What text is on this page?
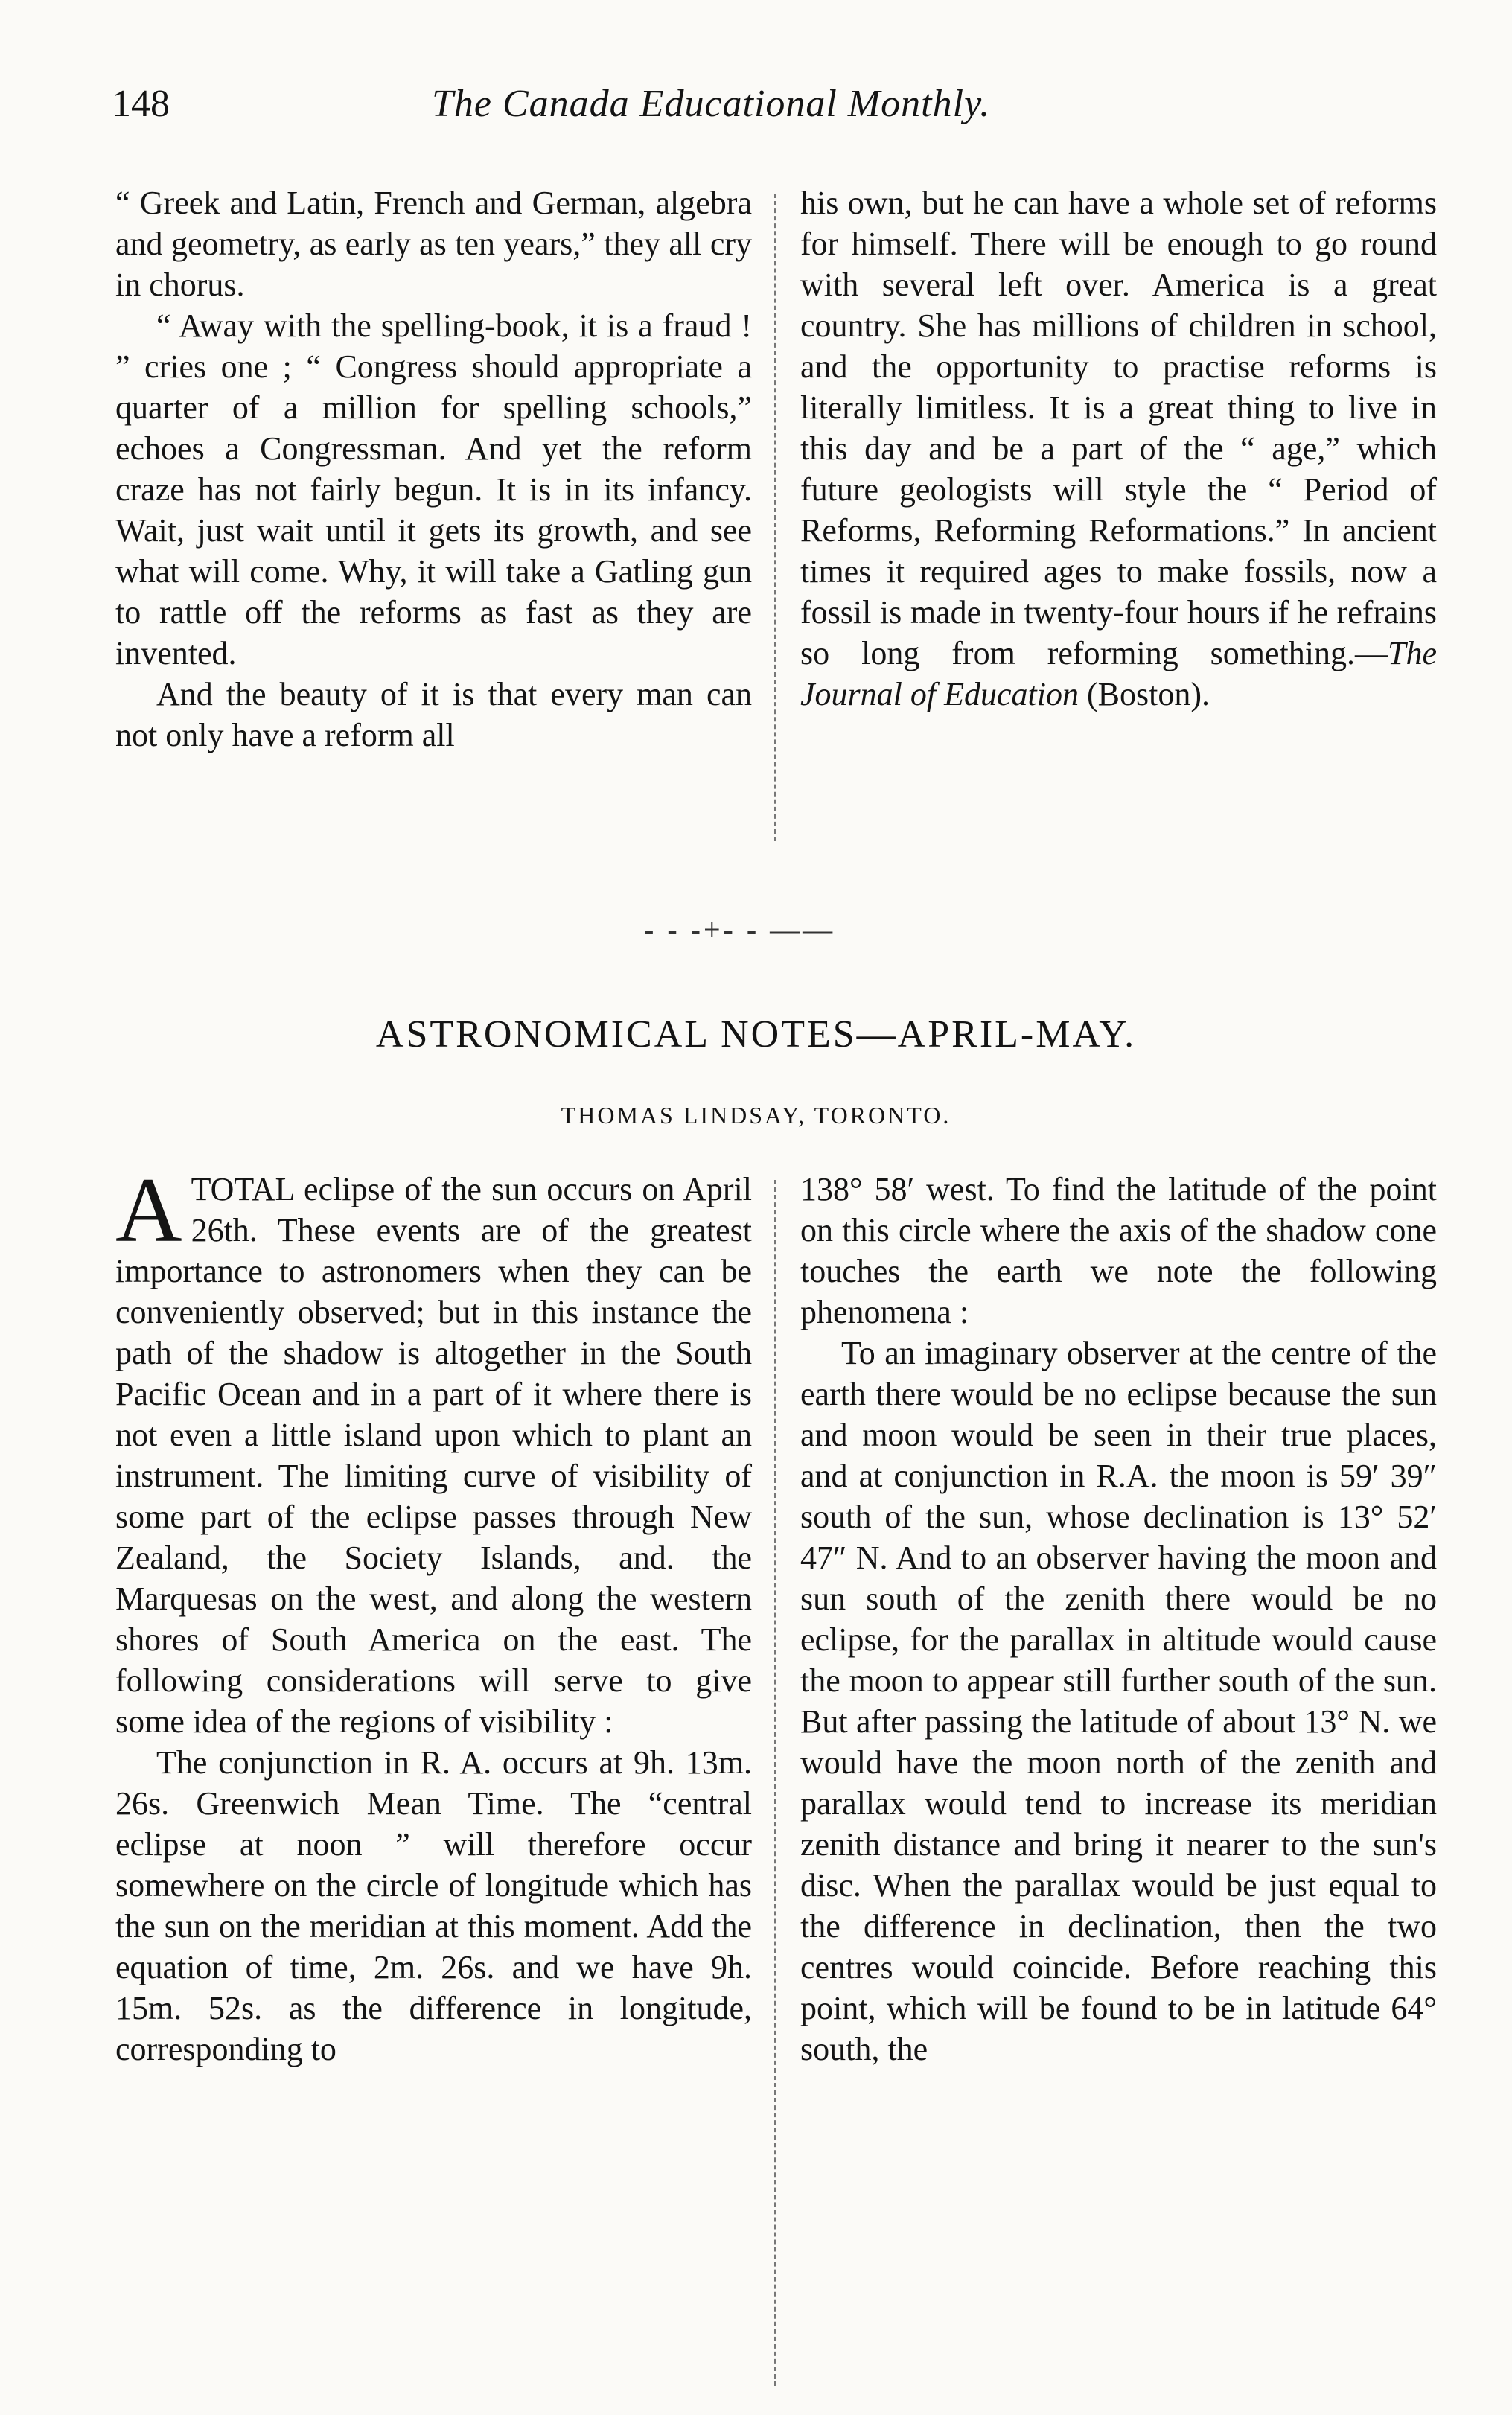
148	The Canada Educational Monthly.

“ Greek and Latin, French and German, algebra and geometry, as early as ten years,” they all cry in chorus.

“ Away with the spelling-book, it is a fraud ! ” cries one ; “ Congress should appropriate a quarter of a million for spelling schools,” echoes a Congressman. And yet the reform craze has not fairly begun. It is in its infancy. Wait, just wait until it gets its growth, and see what will come. Why, it will take a Gatling gun to rattle off the reforms as fast as they are invented.

And the beauty of it is that every man can not only have a reform all

his own, but he can have a whole set of reforms for himself. There will be enough to go round with several left over. America is a great country. She has millions of children in school, and the opportunity to practise reforms is literally limitless. It is a great thing to live in this day and be a part of the “ age,” which future geologists will style the “ Period of Reforms, Reforming Reformations.” In ancient times it required ages to make fossils, now a fossil is made in twenty-four hours if he refrains so long from reforming something.—The Journal of Education (Boston).

- - -+- - ——
ASTRONOMICAL NOTES—APRIL-MAY.
THOMAS LINDSAY, TORONTO.

ATOTAL eclipse of the sun occurs on April 26th. These events are of the greatest importance to astronomers when they can be conveniently observed; but in this instance the path of the shadow is altogether in the South Pacific Ocean and in a part of it where there is not even a little island upon which to plant an instrument. The limiting curve of visibility of some part of the eclipse passes through New Zealand, the Society Islands, and. the Marquesas on the west, and along the western shores of South America on the east. The following considerations will serve to give some idea of the regions of visibility :

The conjunction in R. A. occurs at 9h. 13m. 26s. Greenwich Mean Time. The “central eclipse at noon ” will therefore occur somewhere on the circle of longitude which has the sun on the meridian at this moment. Add the equation of time, 2m. 26s. and we have 9h. 15m. 52s. as the difference in longitude, corresponding to

138° 58′ west. To find the latitude of the point on this circle where the axis of the shadow cone touches the earth we note the following phenomena :

To an imaginary observer at the centre of the earth there would be no eclipse because the sun and moon would be seen in their true places, and at conjunction in R.A. the moon is 59′ 39″ south of the sun, whose declination is 13° 52′ 47″ N. And to an observer having the moon and sun south of the zenith there would be no eclipse, for the parallax in altitude would cause the moon to appear still further south of the sun. But after passing the latitude of about 13° N. we would have the moon north of the zenith and parallax would tend to increase its meridian zenith distance and bring it nearer to the sun's disc. When the parallax would be just equal to the difference in declination, then the two centres would coincide. Before reaching this point, which will be found to be in latitude 64° south, the
